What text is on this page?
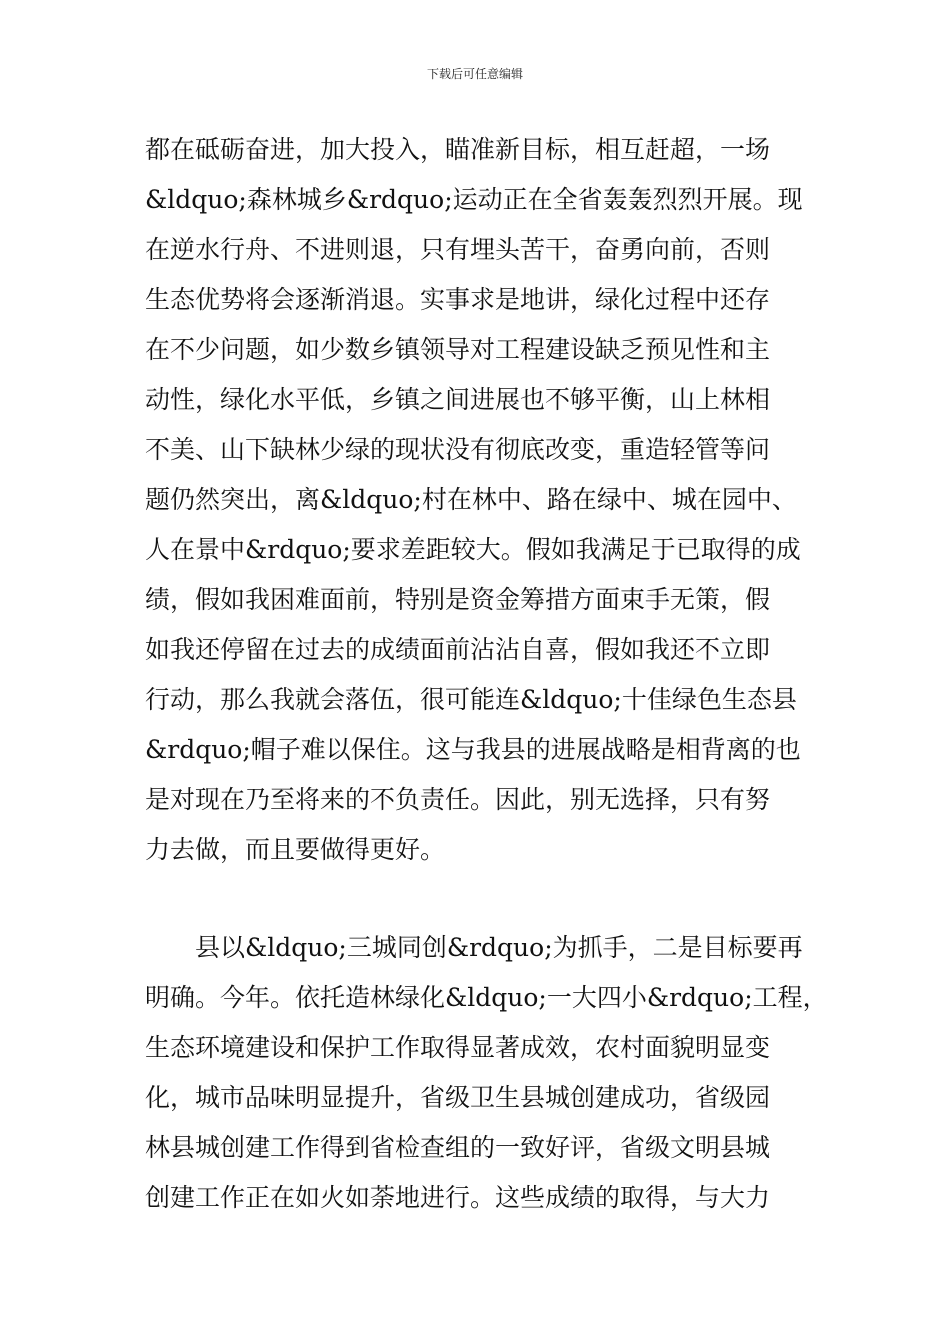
下载后可任意编辑
都在砥砺奋进，加大投入，瞄准新目标，相互赶超，一场
&ldquo;森林城乡&rdquo;运动正在全省轰轰烈烈开展。现
在逆水行舟、不进则退，只有埋头苦干，奋勇向前，否则
生态优势将会逐渐消退。实事求是地讲，绿化过程中还存
在不少问题，如少数乡镇领导对工程建设缺乏预见性和主
动性，绿化水平低，乡镇之间进展也不够平衡，山上林相
不美、山下缺林少绿的现状没有彻底改变，重造轻管等问
题仍然突出，离&ldquo;村在林中、路在绿中、城在园中、
人在景中&rdquo;要求差距较大。假如我满足于已取得的成
绩，假如我困难面前，特别是资金筹措方面束手无策，假
如我还停留在过去的成绩面前沾沾自喜，假如我还不立即
行动，那么我就会落伍，很可能连&ldquo;十佳绿色生态县
&rdquo;帽子难以保住。这与我县的进展战略是相背离的也
是对现在乃至将来的不负责任。因此，别无选择，只有努
力去做，而且要做得更好。
县以&ldquo;三城同创&rdquo;为抓手，二是目标要再
明确。今年。依托造林绿化&ldquo;一大四小&rdquo;工程，
生态环境建设和保护工作取得显著成效，农村面貌明显变
化，城市品味明显提升，省级卫生县城创建成功，省级园
林县城创建工作得到省检查组的一致好评，省级文明县城
创建工作正在如火如荼地进行。这些成绩的取得，与大力
